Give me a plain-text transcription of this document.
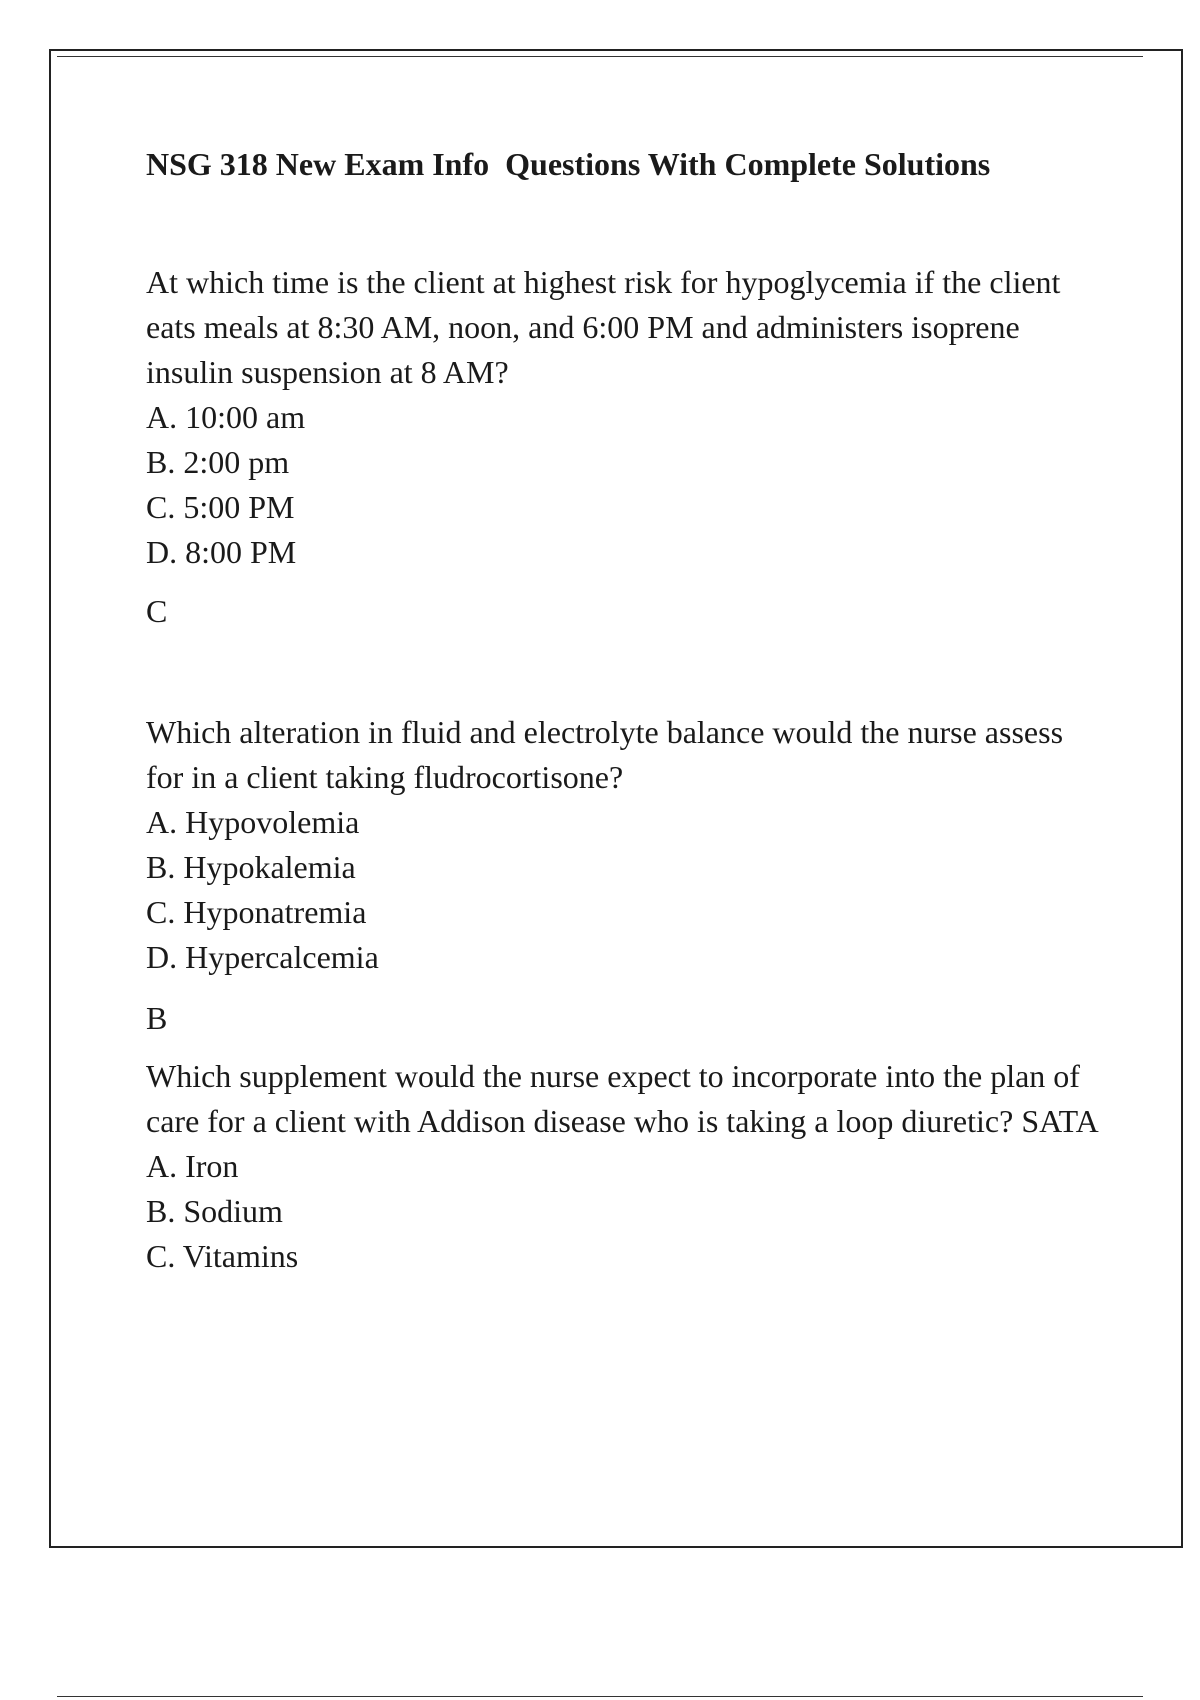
NSG 318 New Exam Info  Questions With Complete Solutions

At which time is the client at highest risk for hypoglycemia if the client eats meals at 8:30 AM, noon, and 6:00 PM and administers isoprene insulin suspension at 8 AM?

A. 10:00 am
B. 2:00 pm
C. 5:00 PM
D. 8:00 PM

C

Which alteration in fluid and electrolyte balance would the nurse assess for in a client taking fludrocortisone?

A. Hypovolemia
B. Hypokalemia
C. Hyponatremia
D. Hypercalcemia

B

Which supplement would the nurse expect to incorporate into the plan of care for a client with Addison disease who is taking a loop diuretic? SATA

A. Iron
B. Sodium
C. Vitamins
